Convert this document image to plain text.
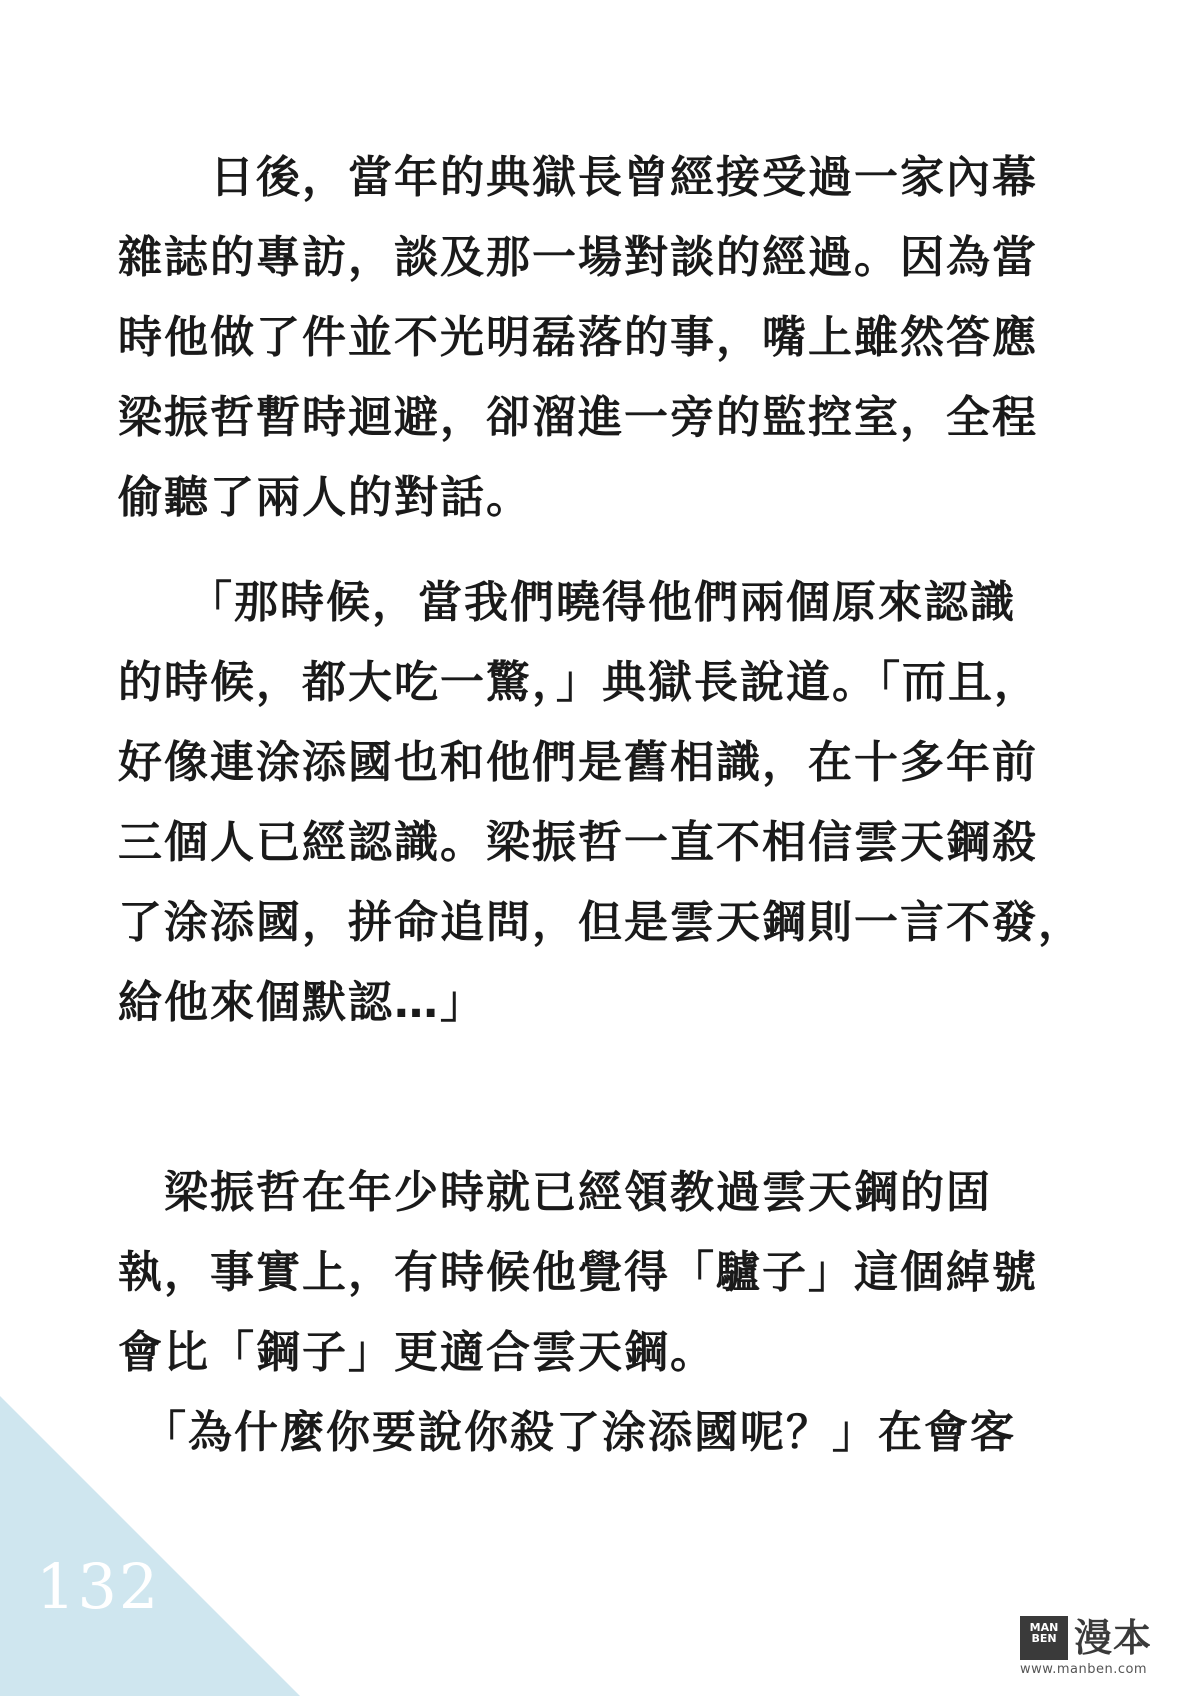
　　日後，當年的典獄長曾經接受過一家內幕
雜誌的專訪，談及那一場對談的經過。因為當
時他做了件並不光明磊落的事，嘴上雖然答應
梁振哲暫時迴避，卻溜進一旁的監控室，全程
偷聽了兩人的對話。
　　「那時候，當我們曉得他們兩個原來認識
的時候，都大吃一驚，」典獄長說道。「而且，
好像連涂添國也和他們是舊相識，在十多年前
三個人已經認識。梁振哲一直不相信雲天鋼殺
了涂添國，拼命追問，但是雲天鋼則一言不發，
給他來個默認…」
　梁振哲在年少時就已經領教過雲天鋼的固
執，事實上，有時候他覺得「驢子」這個綽號
會比「鋼子」更適合雲天鋼。
　「為什麼你要說你殺了涂添國呢？」在會客
132
MAN BEN 漫本
www.manben.com
